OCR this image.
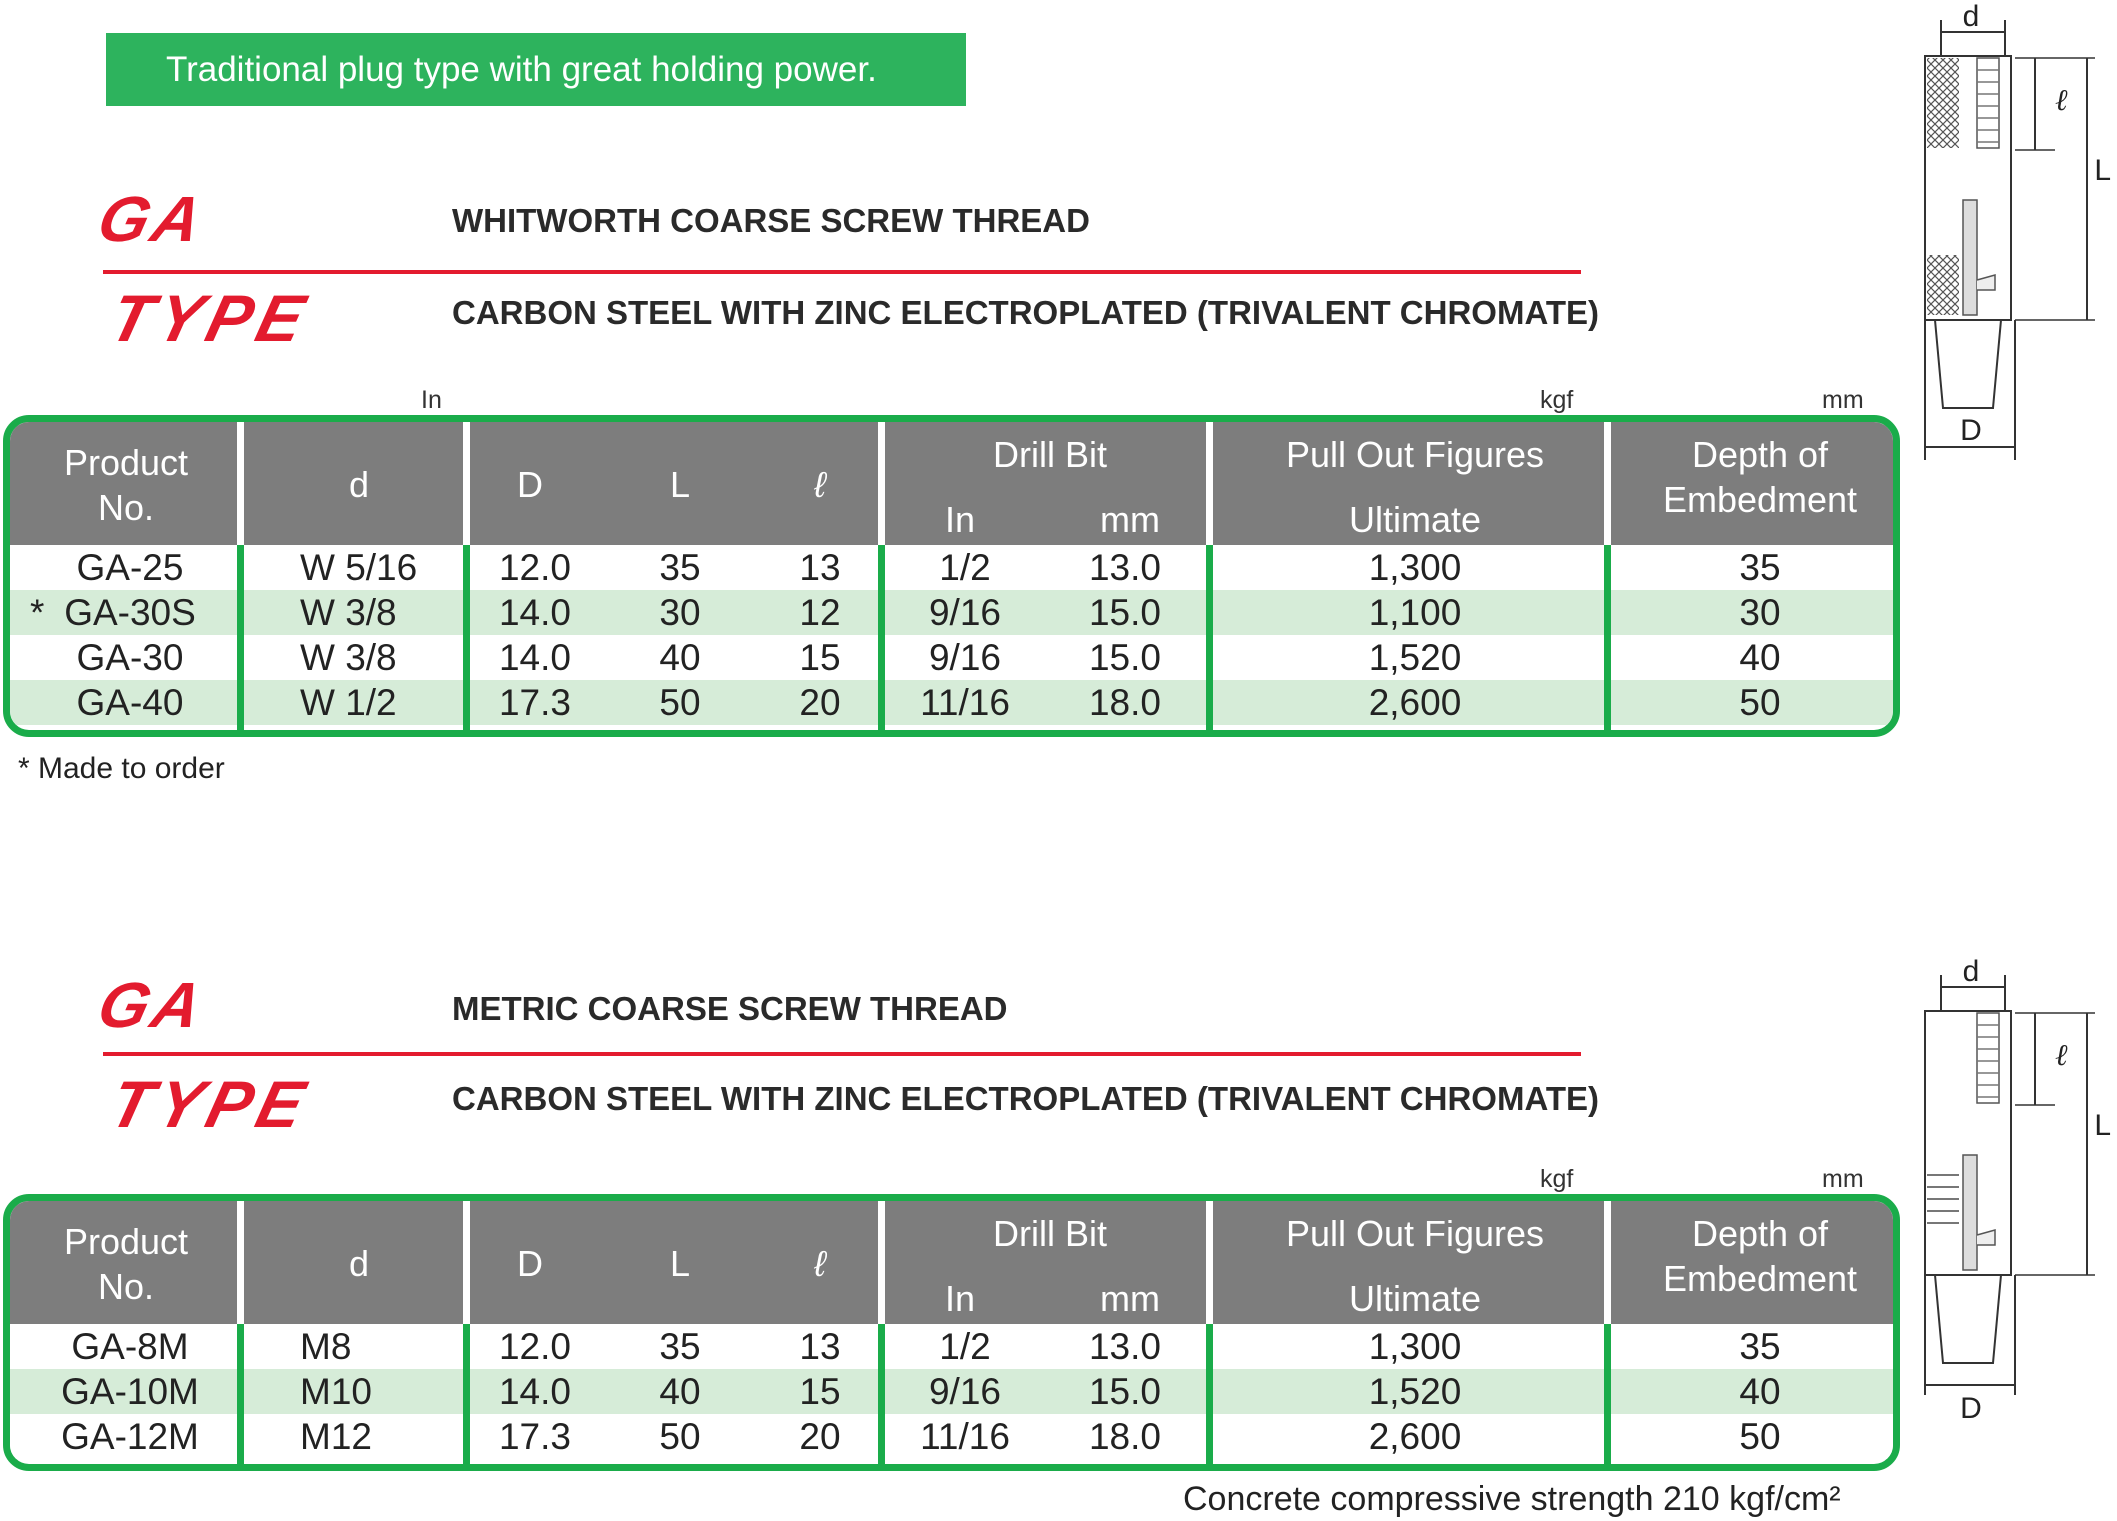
Traditional plug type with great holding power.
GA
TYPE
WHITWORTH COARSE SCREW THREAD
CARBON STEEL WITH ZINC ELECTROPLATED (TRIVALENT CHROMATE)
In	kgf	mm
Product
No.
d	D	L	ℓ
Drill Bit
In	mm
Pull Out Figures
Ultimate
Depth of
Embedment
GA-25	W 5/16	12.0	35	13	1/2	13.0	1,300	35
* GA-30S	W 3/8	14.0	30	12	9/16	15.0	1,100	30
GA-30	W 3/8	14.0	40	15	9/16	15.0	1,520	40
GA-40	W 1/2	17.3	50	20	11/16	18.0	2,600	50
* Made to order
GA
TYPE
METRIC COARSE SCREW THREAD
CARBON STEEL WITH ZINC ELECTROPLATED (TRIVALENT CHROMATE)
kgf	mm
Product
No.
d	D	L	ℓ
Drill Bit
In	mm
Pull Out Figures
Ultimate
Depth of
Embedment
GA-8M	M8	12.0	35	13	1/2	13.0	1,300	35
GA-10M	M10	14.0	40	15	9/16	15.0	1,520	40
GA-12M	M12	17.3	50	20	11/16	18.0	2,600	50
Concrete compressive strength 210 kgf/cm²
d
D
L
ℓ
d
D
L
ℓ
